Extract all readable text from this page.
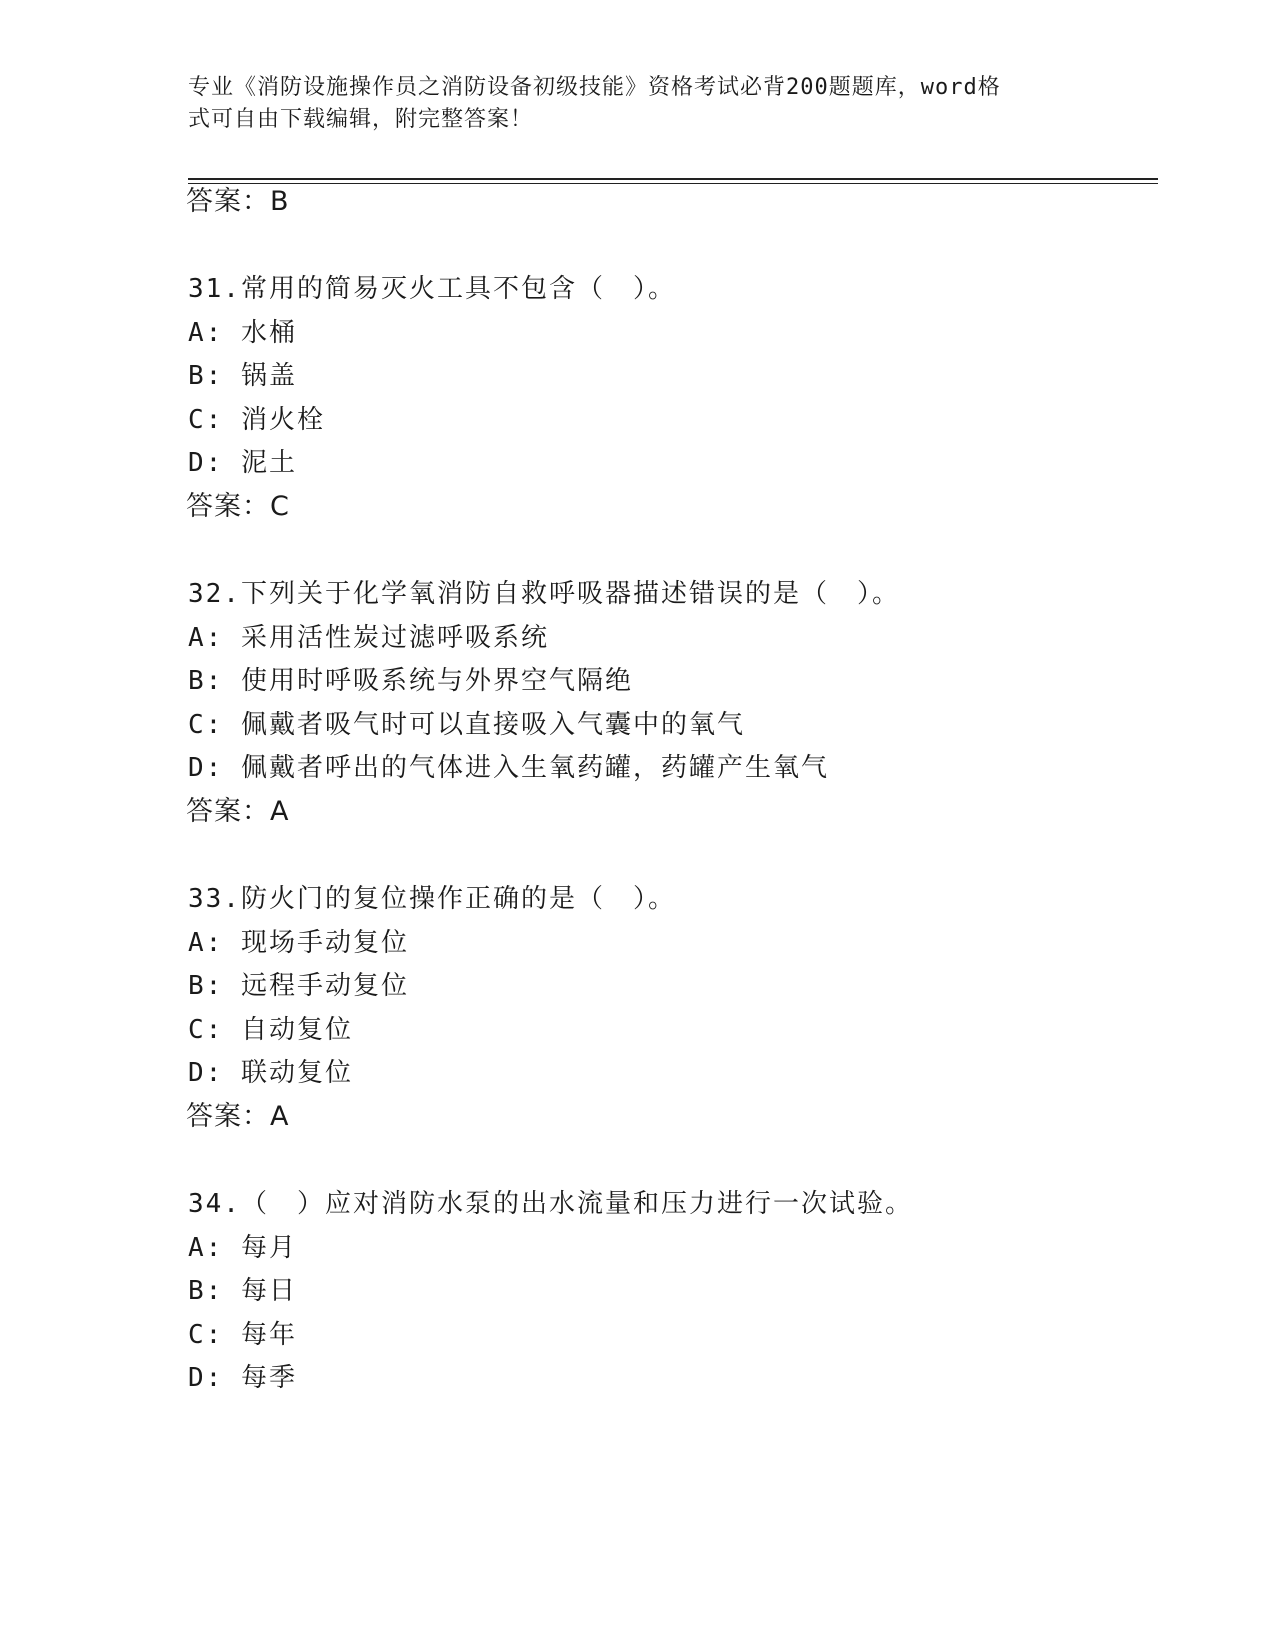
专业《消防设施操作员之消防设备初级技能》资格考试必背200题题库，word格
式可自由下载编辑，附完整答案！
答案：B
31.常用的简易灭火工具不包含（　）。
A: 水桶
B: 锅盖
C: 消火栓
D: 泥土
答案：C
32.下列关于化学氧消防自救呼吸器描述错误的是（　）。
A: 采用活性炭过滤呼吸系统
B: 使用时呼吸系统与外界空气隔绝
C: 佩戴者吸气时可以直接吸入气囊中的氧气
D: 佩戴者呼出的气体进入生氧药罐，药罐产生氧气
答案：A
33.防火门的复位操作正确的是（　）。
A: 现场手动复位
B: 远程手动复位
C: 自动复位
D: 联动复位
答案：A
34.（　）应对消防水泵的出水流量和压力进行一次试验。
A: 每月
B: 每日
C: 每年
D: 每季
